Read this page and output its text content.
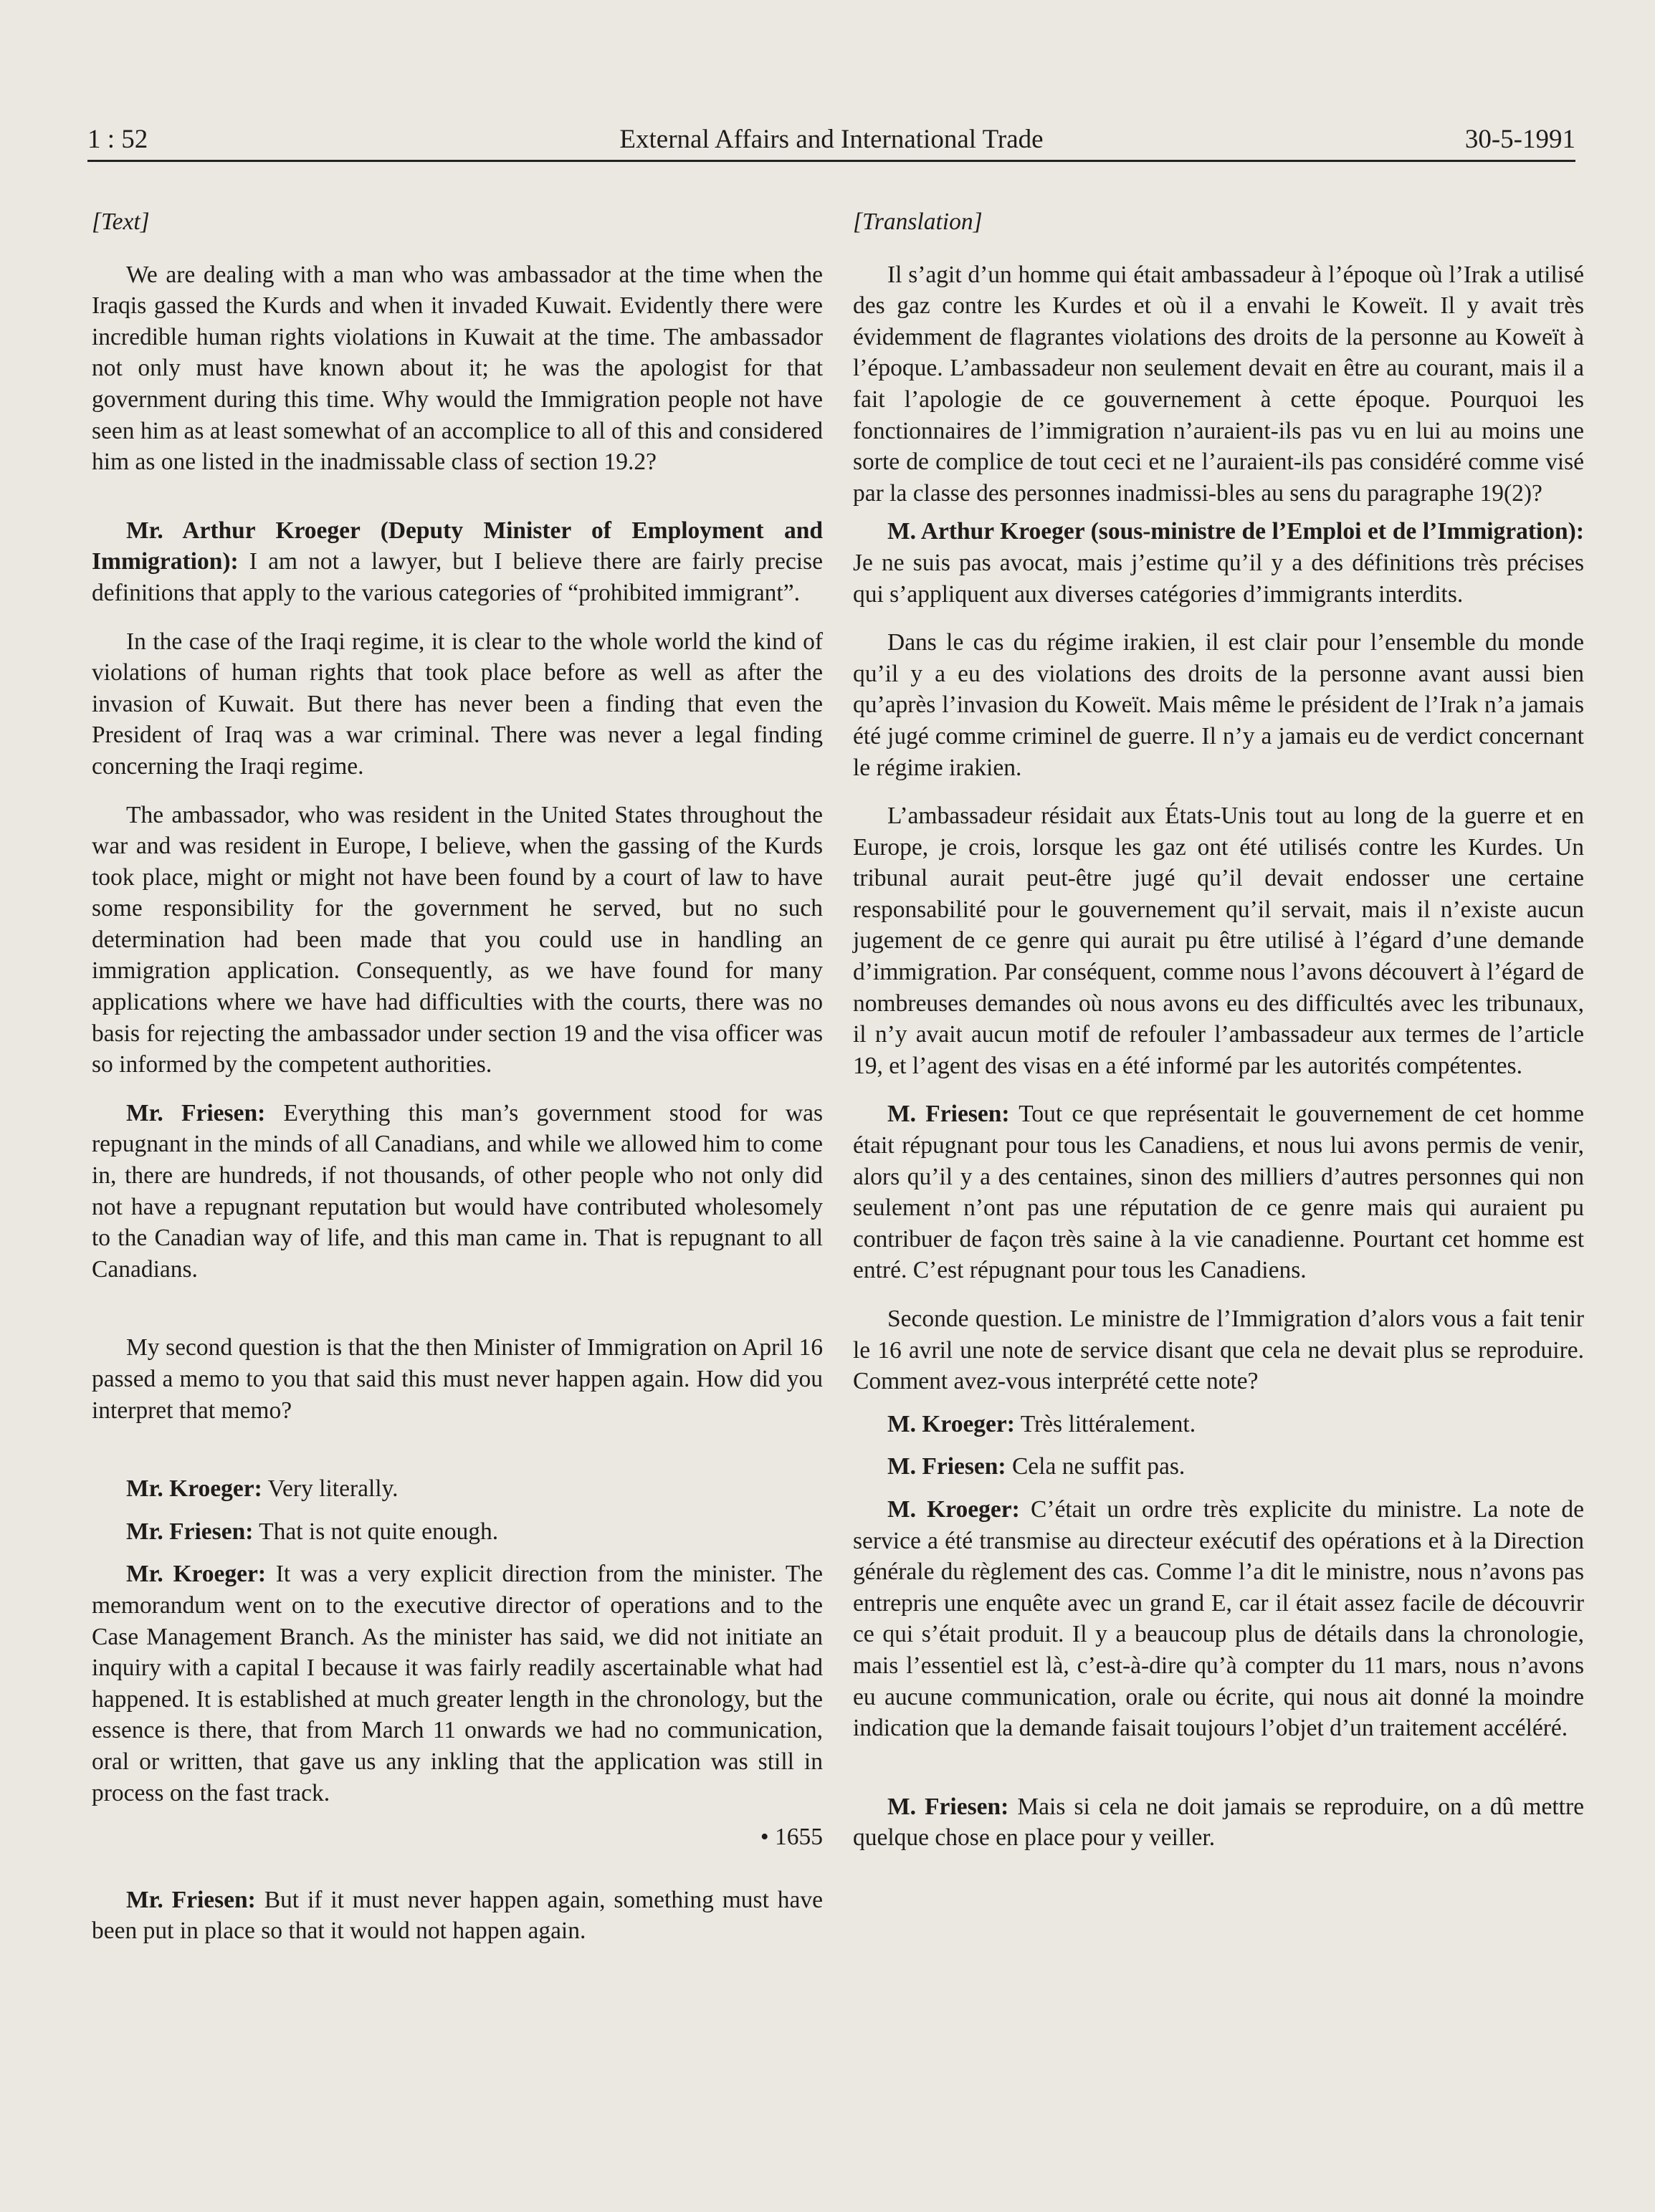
1 : 52	External Affairs and International Trade	30-5-1991

[Text]

We are dealing with a man who was ambassador at the time when the Iraqis gassed the Kurds and when it invaded Kuwait. Evidently there were incredible human rights violations in Kuwait at the time. The ambassador not only must have known about it; he was the apologist for that government during this time. Why would the Immigration people not have seen him as at least somewhat of an accomplice to all of this and considered him as one listed in the inadmissable class of section 19.2?

Mr. Arthur Kroeger (Deputy Minister of Employment and Immigration): I am not a lawyer, but I believe there are fairly precise definitions that apply to the various categories of “prohibited immigrant”.

In the case of the Iraqi regime, it is clear to the whole world the kind of violations of human rights that took place before as well as after the invasion of Kuwait. But there has never been a finding that even the President of Iraq was a war criminal. There was never a legal finding concerning the Iraqi regime.

The ambassador, who was resident in the United States throughout the war and was resident in Europe, I believe, when the gassing of the Kurds took place, might or might not have been found by a court of law to have some responsibility for the government he served, but no such determination had been made that you could use in handling an immigration application. Consequently, as we have found for many applications where we have had difficulties with the courts, there was no basis for rejecting the ambassador under section 19 and the visa officer was so informed by the competent authorities.

Mr. Friesen: Everything this man’s government stood for was repugnant in the minds of all Canadians, and while we allowed him to come in, there are hundreds, if not thousands, of other people who not only did not have a repugnant reputation but would have contributed wholesomely to the Canadian way of life, and this man came in. That is repugnant to all Canadians.

My second question is that the then Minister of Immigration on April 16 passed a memo to you that said this must never happen again. How did you interpret that memo?

Mr. Kroeger: Very literally.

Mr. Friesen: That is not quite enough.

Mr. Kroeger: It was a very explicit direction from the minister. The memorandum went on to the executive director of operations and to the Case Management Branch. As the minister has said, we did not initiate an inquiry with a capital I because it was fairly readily ascertainable what had happened. It is established at much greater length in the chronology, but the essence is there, that from March 11 onwards we had no communication, oral or written, that gave us any inkling that the application was still in process on the fast track.

• 1655

Mr. Friesen: But if it must never happen again, something must have been put in place so that it would not happen again.

[Translation]

Il s’agit d’un homme qui était ambassadeur à l’époque où l’Irak a utilisé des gaz contre les Kurdes et où il a envahi le Koweït. Il y avait très évidemment de flagrantes violations des droits de la personne au Koweït à l’époque. L’ambassadeur non seulement devait en être au courant, mais il a fait l’apologie de ce gouvernement à cette époque. Pourquoi les fonctionnaires de l’immigration n’auraient-ils pas vu en lui au moins une sorte de complice de tout ceci et ne l’auraient-ils pas considéré comme visé par la classe des personnes inadmissi-bles au sens du paragraphe 19(2)?

M. Arthur Kroeger (sous-ministre de l’Emploi et de l’Immigration): Je ne suis pas avocat, mais j’estime qu’il y a des définitions très précises qui s’appliquent aux diverses catégories d’immigrants interdits.

Dans le cas du régime irakien, il est clair pour l’ensemble du monde qu’il y a eu des violations des droits de la personne avant aussi bien qu’après l’invasion du Koweït. Mais même le président de l’Irak n’a jamais été jugé comme criminel de guerre. Il n’y a jamais eu de verdict concernant le régime irakien.

L’ambassadeur résidait aux États-Unis tout au long de la guerre et en Europe, je crois, lorsque les gaz ont été utilisés contre les Kurdes. Un tribunal aurait peut-être jugé qu’il devait endosser une certaine responsabilité pour le gouvernement qu’il servait, mais il n’existe aucun jugement de ce genre qui aurait pu être utilisé à l’égard d’une demande d’immigration. Par conséquent, comme nous l’avons découvert à l’égard de nombreuses demandes où nous avons eu des difficultés avec les tribunaux, il n’y avait aucun motif de refouler l’ambassadeur aux termes de l’article 19, et l’agent des visas en a été informé par les autorités compétentes.

M. Friesen: Tout ce que représentait le gouvernement de cet homme était répugnant pour tous les Canadiens, et nous lui avons permis de venir, alors qu’il y a des centaines, sinon des milliers d’autres personnes qui non seulement n’ont pas une réputation de ce genre mais qui auraient pu contribuer de façon très saine à la vie canadienne. Pourtant cet homme est entré. C’est répugnant pour tous les Canadiens.

Seconde question. Le ministre de l’Immigration d’alors vous a fait tenir le 16 avril une note de service disant que cela ne devait plus se reproduire. Comment avez-vous interprété cette note?

M. Kroeger: Très littéralement.

M. Friesen: Cela ne suffit pas.

M. Kroeger: C’était un ordre très explicite du ministre. La note de service a été transmise au directeur exécutif des opérations et à la Direction générale du règlement des cas. Comme l’a dit le ministre, nous n’avons pas entrepris une enquête avec un grand E, car il était assez facile de découvrir ce qui s’était produit. Il y a beaucoup plus de détails dans la chronologie, mais l’essentiel est là, c’est-à-dire qu’à compter du 11 mars, nous n’avons eu aucune communication, orale ou écrite, qui nous ait donné la moindre indication que la demande faisait toujours l’objet d’un traitement accéléré.

M. Friesen: Mais si cela ne doit jamais se reproduire, on a dû mettre quelque chose en place pour y veiller.
